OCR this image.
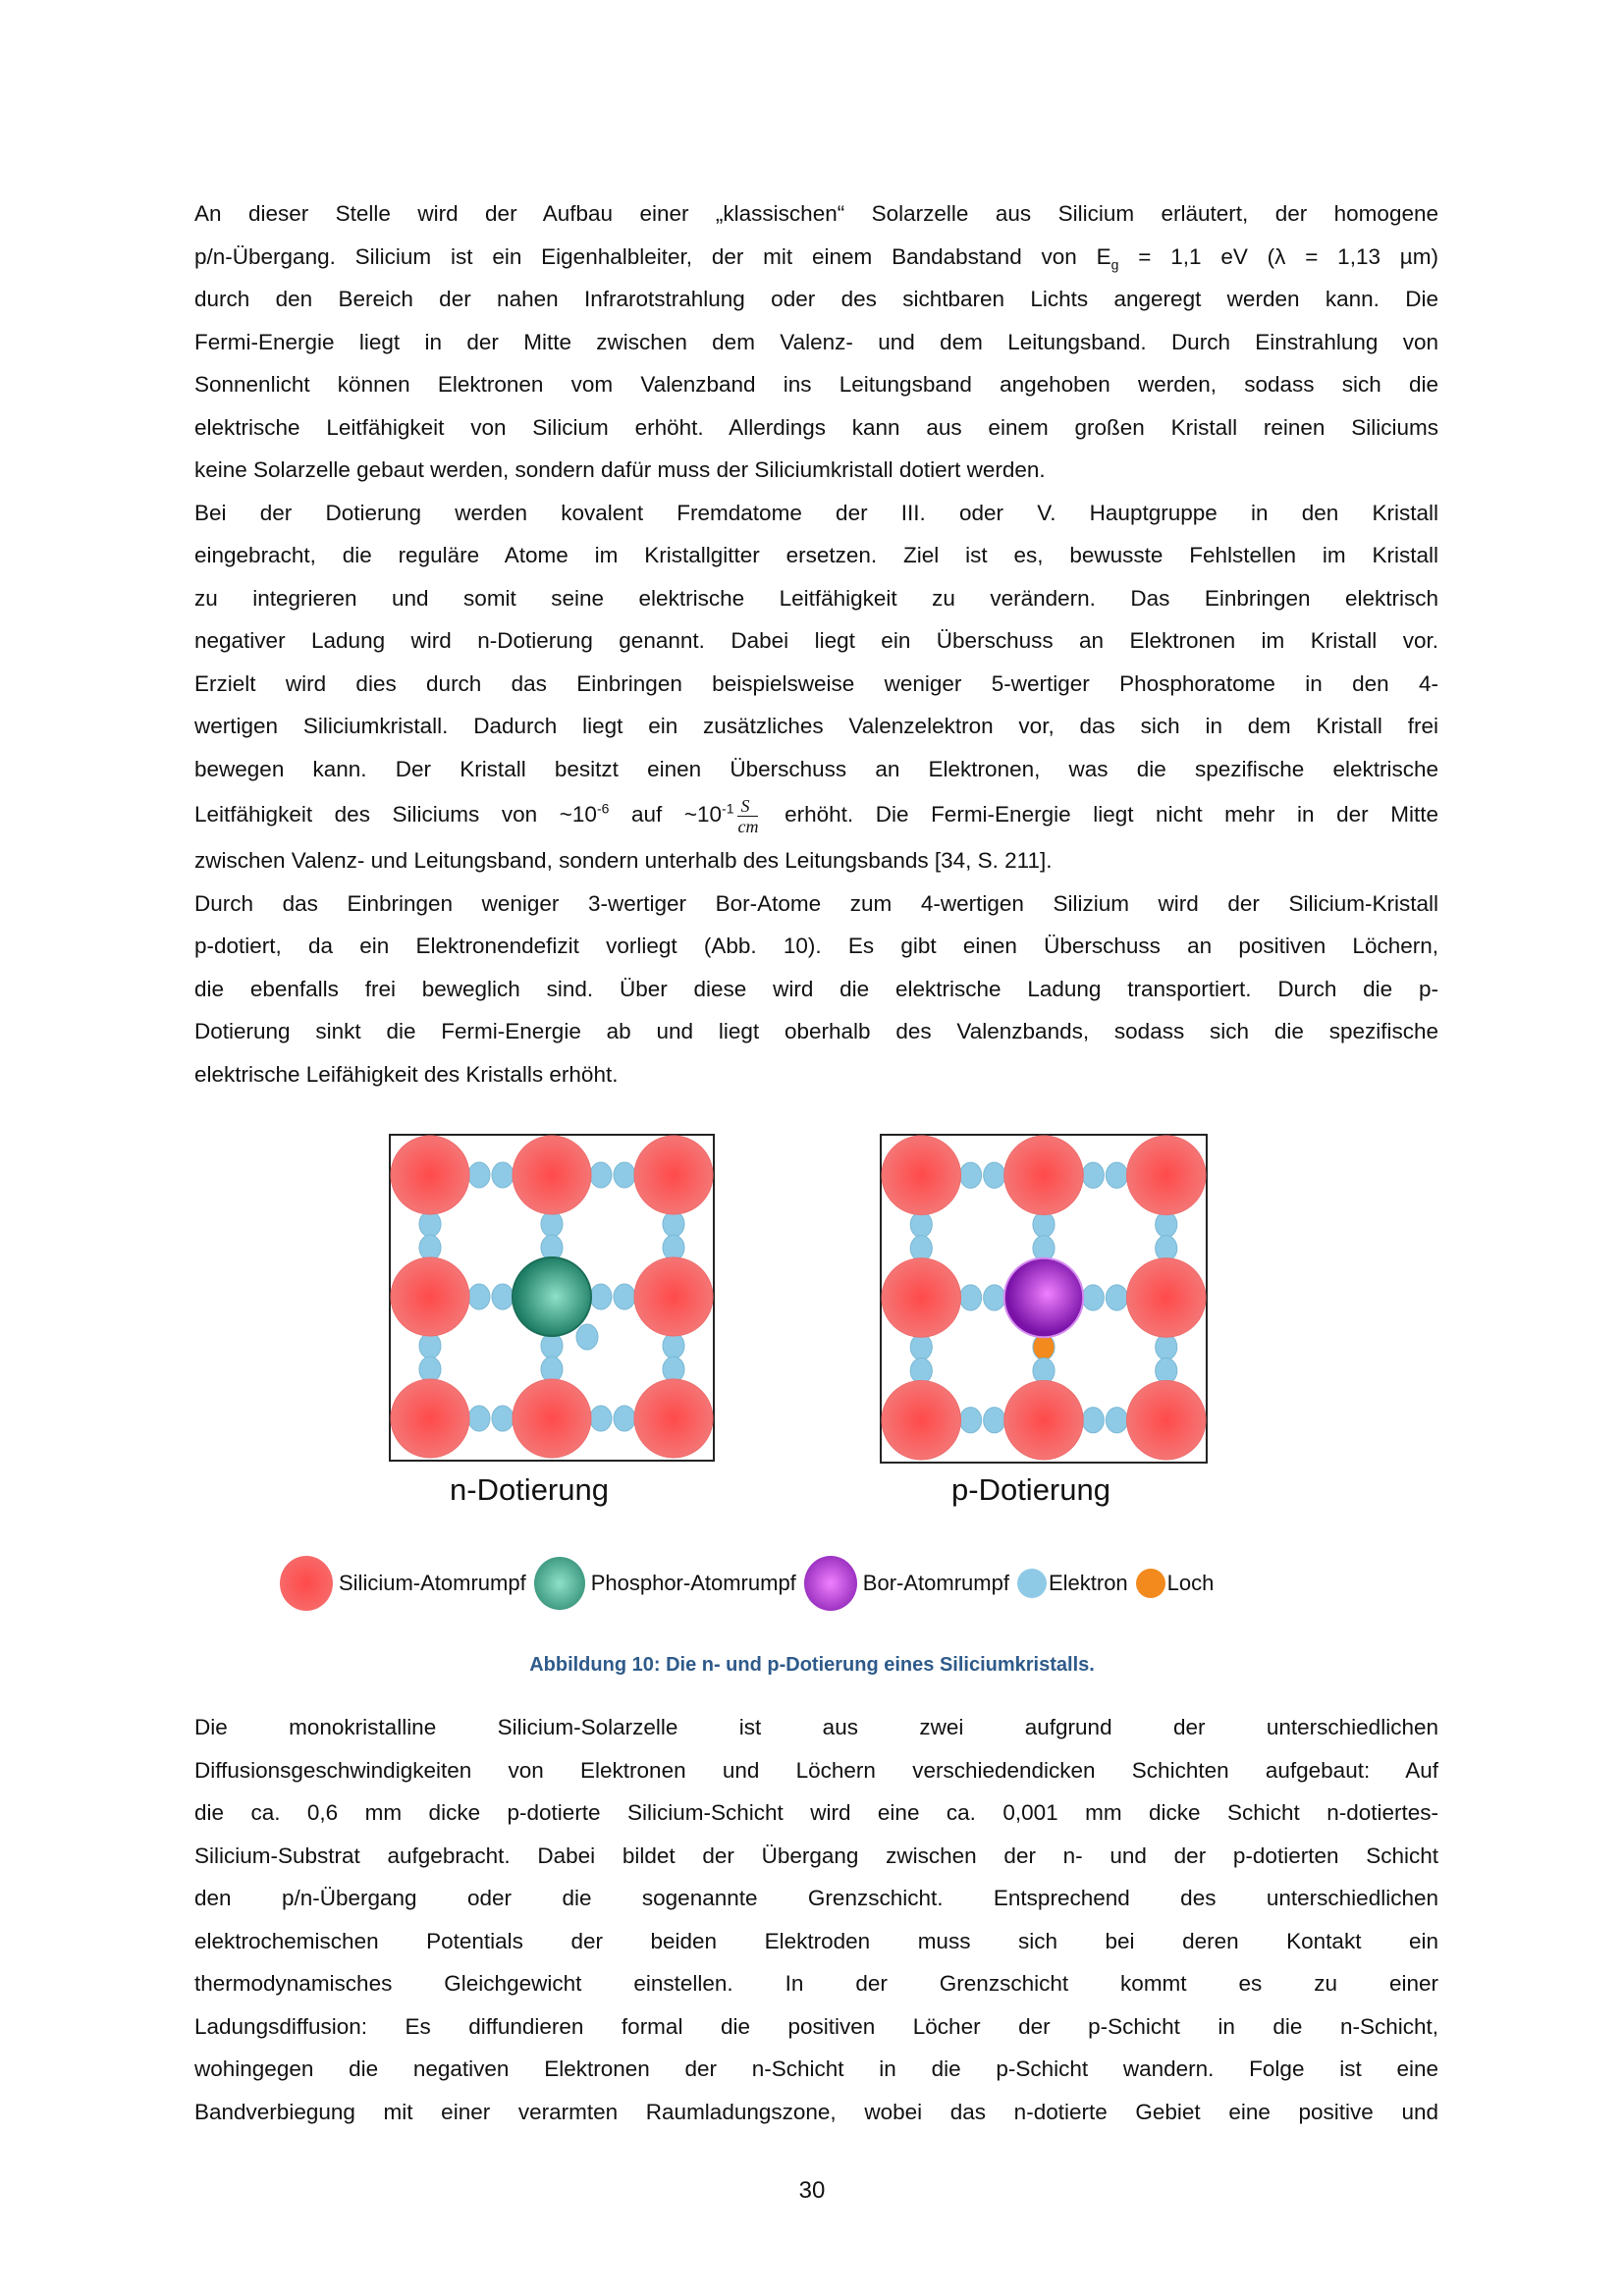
An dieser Stelle wird der Aufbau einer „klassischen“ Solarzelle aus Silicium erläutert, der homogene
p/n-Übergang. Silicium ist ein Eigenhalbleiter, der mit einem Bandabstand von $E_g = 1,1$ eV (λ = 1,13 µm)
durch den Bereich der nahen Infrarotstrahlung oder des sichtbaren Lichts angeregt werden kann. Die
Fermi-Energie liegt in der Mitte zwischen dem Valenz- und dem Leitungsband. Durch Einstrahlung von
Sonnenlicht können Elektronen vom Valenzband ins Leitungsband angehoben werden, sodass sich die
elektrische Leitfähigkeit von Silicium erhöht. Allerdings kann aus einem großen Kristall reinen Siliciums
keine Solarzelle gebaut werden, sondern dafür muss der Siliciumkristall dotiert werden.
Bei der Dotierung werden kovalent Fremdatome der III. oder V. Hauptgruppe in den Kristall
eingebracht, die reguläre Atome im Kristallgitter ersetzen. Ziel ist es, bewusste Fehlstellen im Kristall
zu integrieren und somit seine elektrische Leitfähigkeit zu verändern. Das Einbringen elektrisch
negativer Ladung wird n-Dotierung genannt. Dabei liegt ein Überschuss an Elektronen im Kristall vor.
Erzielt wird dies durch das Einbringen beispielsweise weniger 5-wertiger Phosphoratome in den 4-
wertigen Siliciumkristall. Dadurch liegt ein zusätzliches Valenzelektron vor, das sich in dem Kristall frei
bewegen kann. Der Kristall besitzt einen Überschuss an Elektronen, was die spezifische elektrische
Leitfähigkeit des Siliciums von $\sim 10^{-6}$ auf $\sim 10^{-1} \frac{S}{cm}$ erhöht. Die Fermi-Energie liegt nicht mehr in der Mitte
zwischen Valenz- und Leitungsband, sondern unterhalb des Leitungsbands [34, S. 211].
Durch das Einbringen weniger 3-wertiger Bor-Atome zum 4-wertigen Silizium wird der Silicium-Kristall
p-dotiert, da ein Elektronendefizit vorliegt (Abb. 10). Es gibt einen Überschuss an positiven Löchern,
die ebenfalls frei beweglich sind. Über diese wird die elektrische Ladung transportiert. Durch die p-
Dotierung sinkt die Fermi-Energie ab und liegt oberhalb des Valenzbands, sodass sich die spezifische
elektrische Leifähigkeit des Kristalls erhöht.
n-Dotierung	p-Dotierung
Silicium-Atomrumpf	Phosphor-Atomrumpf	Bor-Atomrumpf Elektron Loch
Abbildung 10: Die n- und p-Dotierung eines Siliciumkristalls.
Die monokristalline Silicium-Solarzelle ist aus zwei aufgrund der unterschiedlichen
Diffusionsgeschwindigkeiten von Elektronen und Löchern verschiedendicken Schichten aufgebaut: Auf
die ca. 0,6 mm dicke p-dotierte Silicium-Schicht wird eine ca. 0,001 mm dicke Schicht n-dotiertes-
Silicium-Substrat aufgebracht. Dabei bildet der Übergang zwischen der n- und der p-dotierten Schicht
den p/n-Übergang oder die sogenannte Grenzschicht. Entsprechend des unterschiedlichen
elektrochemischen Potentials der beiden Elektroden muss sich bei deren Kontakt ein
thermodynamisches Gleichgewicht einstellen. In der Grenzschicht kommt es zu einer
Ladungsdiffusion: Es diffundieren formal die positiven Löcher der p-Schicht in die n-Schicht,
wohingegen die negativen Elektronen der n-Schicht in die p-Schicht wandern. Folge ist eine
Bandverbiegung mit einer verarmten Raumladungszone, wobei das n-dotierte Gebiet eine positive und
30
